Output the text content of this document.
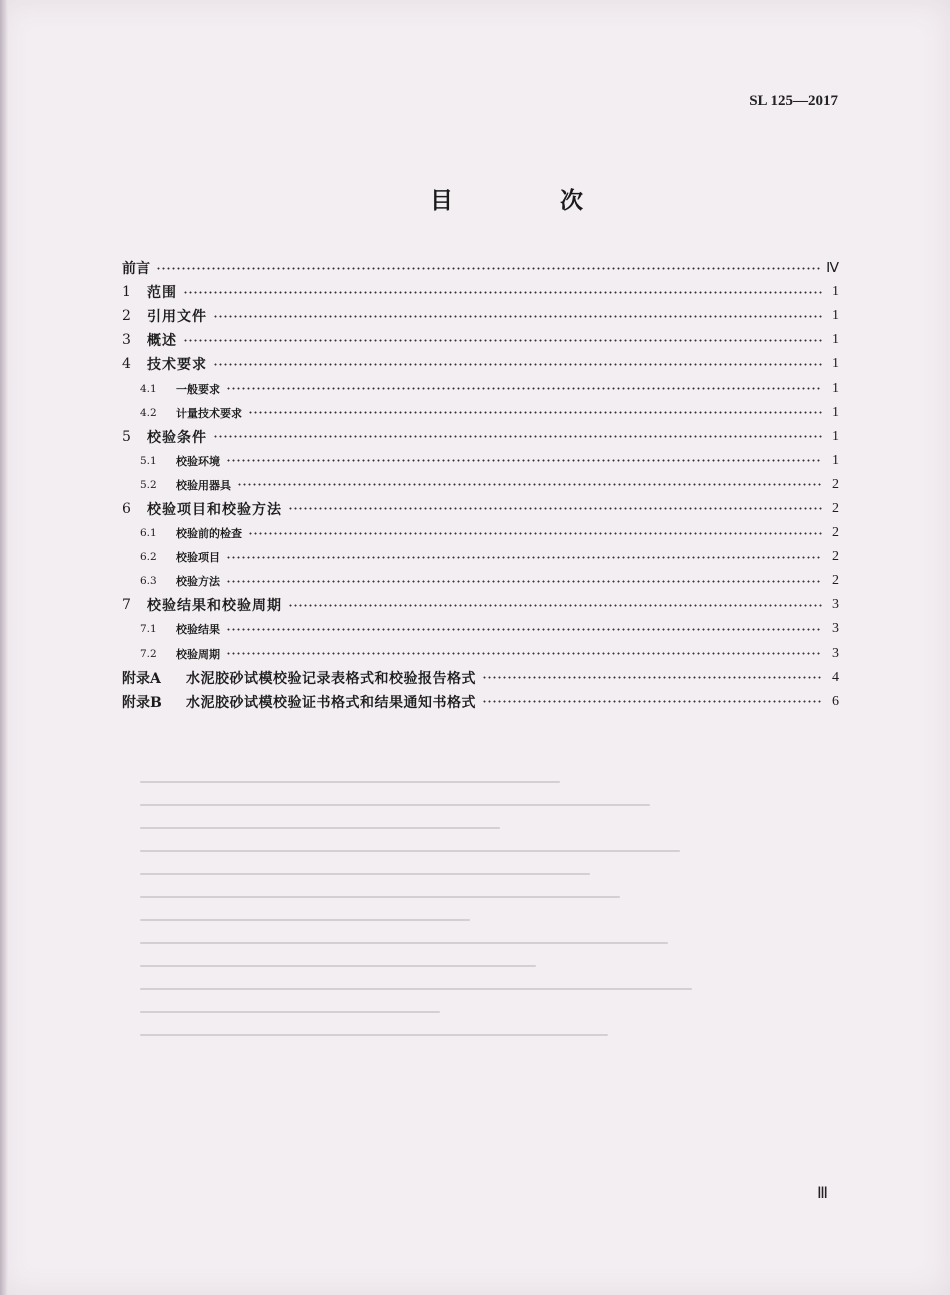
SL 125—2017
目　次
前言	Ⅳ
1	范围	1
2	引用文件	1
3	概述	1
4	技术要求	1
4.1	一般要求	1
4.2	计量技术要求	1
5	校验条件	1
5.1	校验环境	1
5.2	校验用器具	2
6	校验项目和校验方法	2
6.1	校验前的检查	2
6.2	校验项目	2
6.3	校验方法	2
7	校验结果和校验周期	3
7.1	校验结果	3
7.2	校验周期	3
附录A	水泥胶砂试模校验记录表格式和校验报告格式	4
附录B	水泥胶砂试模校验证书格式和结果通知书格式	6
Ⅲ
